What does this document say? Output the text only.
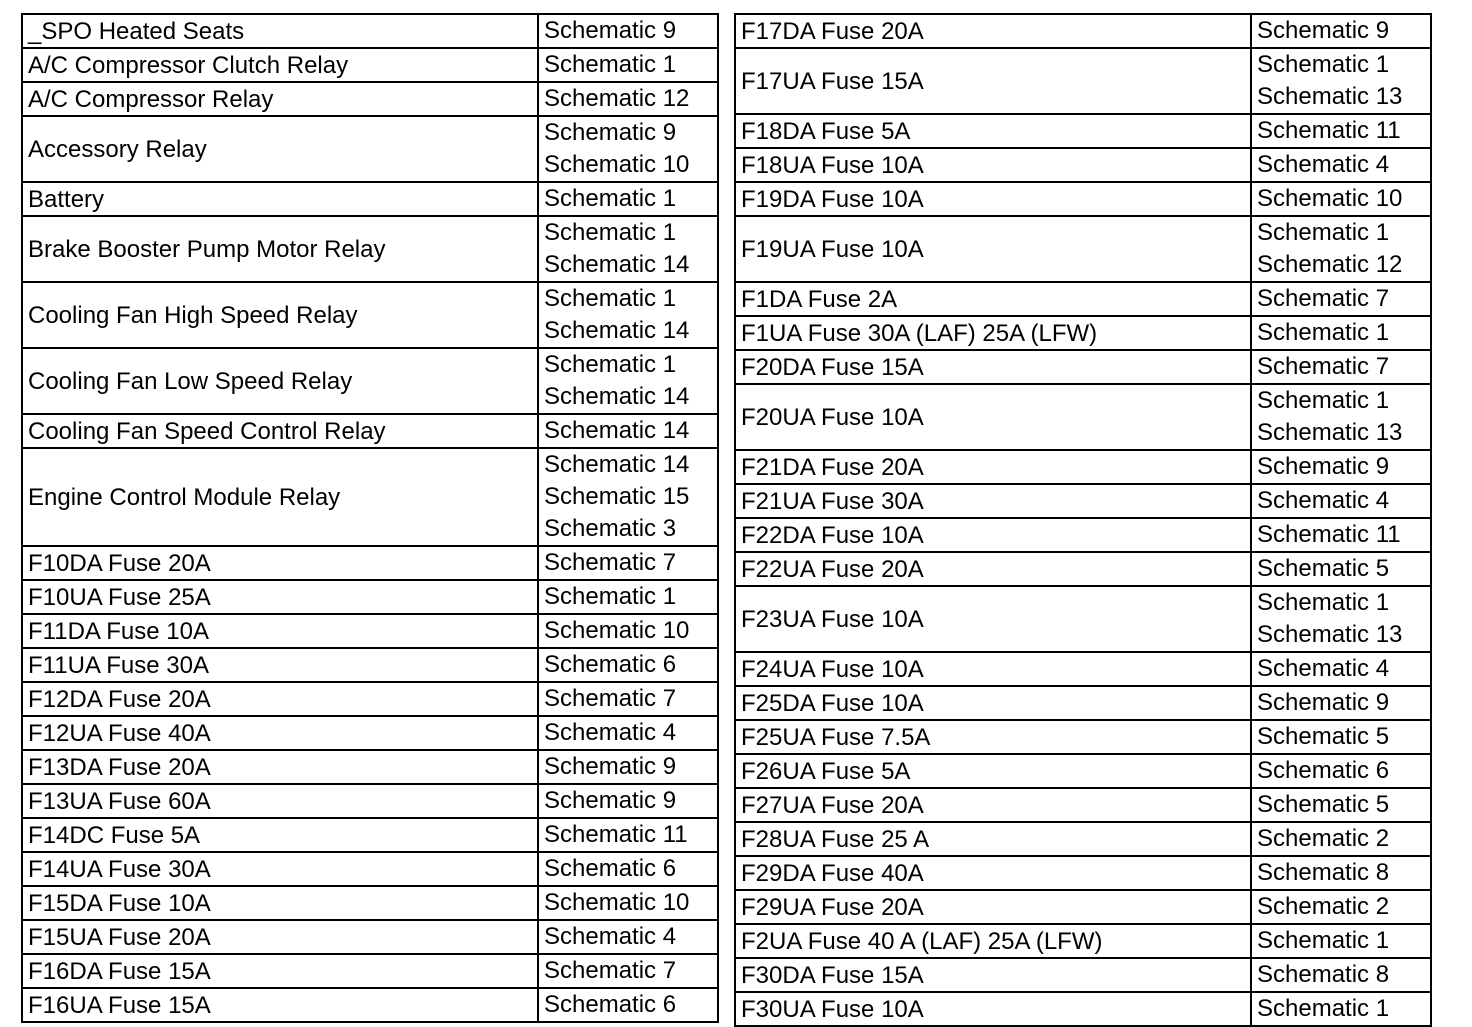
_SPO Heated Seats	Schematic 9

A/C Compressor Clutch Relay	Schematic 1

A/C Compressor Relay	Schematic 12

Accessory Relay	Schematic 9
Schematic 10

Battery	Schematic 1

Brake Booster Pump Motor Relay	Schematic 1
Schematic 14

Cooling Fan High Speed Relay	Schematic 1
Schematic 14

Cooling Fan Low Speed Relay	Schematic 1
Schematic 14

Cooling Fan Speed Control Relay	Schematic 14

Engine Control Module Relay	Schematic 14
Schematic 15
Schematic 3

F10DA Fuse 20A	Schematic 7

F10UA Fuse 25A	Schematic 1

F11DA Fuse 10A	Schematic 10

F11UA Fuse 30A	Schematic 6

F12DA Fuse 20A	Schematic 7

F12UA Fuse 40A	Schematic 4

F13DA Fuse 20A	Schematic 9

F13UA Fuse 60A	Schematic 9

F14DC Fuse 5A	Schematic 11

F14UA Fuse 30A	Schematic 6

F15DA Fuse 10A	Schematic 10

F15UA Fuse 20A	Schematic 4

F16DA Fuse 15A	Schematic 7

F16UA Fuse 15A	Schematic 6
F17DA Fuse 20A	Schematic 9

F17UA Fuse 15A	Schematic 1
Schematic 13

F18DA Fuse 5A	Schematic 11

F18UA Fuse 10A	Schematic 4

F19DA Fuse 10A	Schematic 10

F19UA Fuse 10A	Schematic 1
Schematic 12

F1DA Fuse 2A	Schematic 7

F1UA Fuse 30A (LAF) 25A (LFW)	Schematic 1

F20DA Fuse 15A	Schematic 7

F20UA Fuse 10A	Schematic 1
Schematic 13

F21DA Fuse 20A	Schematic 9

F21UA Fuse 30A	Schematic 4

F22DA Fuse 10A	Schematic 11

F22UA Fuse 20A	Schematic 5

F23UA Fuse 10A	Schematic 1
Schematic 13

F24UA Fuse 10A	Schematic 4

F25DA Fuse 10A	Schematic 9

F25UA Fuse 7.5A	Schematic 5

F26UA Fuse 5A	Schematic 6

F27UA Fuse 20A	Schematic 5

F28UA Fuse 25 A	Schematic 2

F29DA Fuse 40A	Schematic 8

F29UA Fuse 20A	Schematic 2

F2UA Fuse 40 A (LAF) 25A (LFW)	Schematic 1

F30DA Fuse 15A	Schematic 8

F30UA Fuse 10A	Schematic 1
